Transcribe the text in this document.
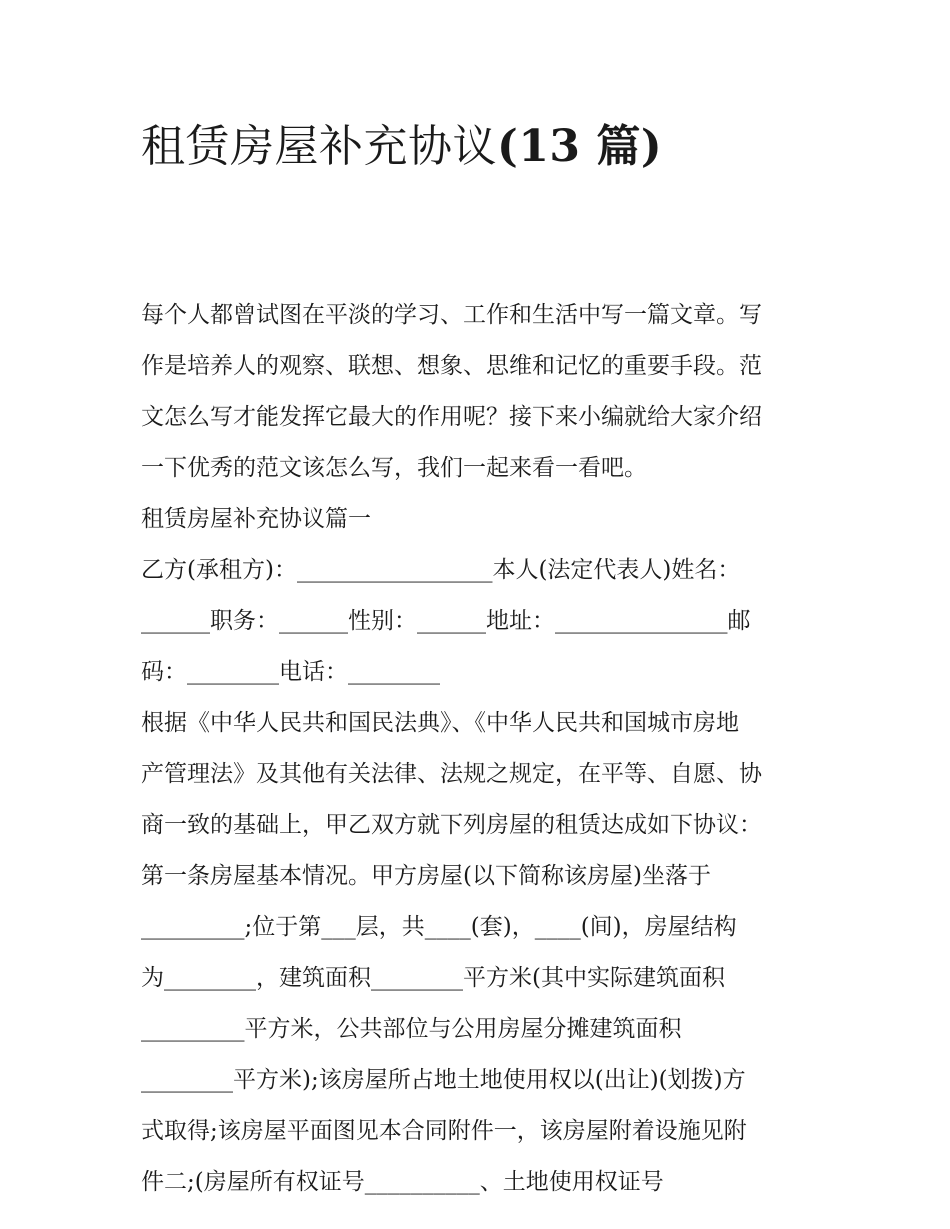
租赁房屋补充协议(13 篇)

每个人都曾试图在平淡的学习、工作和生活中写一篇文章。写
作是培养人的观察、联想、想象、思维和记忆的重要手段。范
文怎么写才能发挥它最大的作用呢？接下来小编就给大家介绍
一下优秀的范文该怎么写，我们一起来看一看吧。

租赁房屋补充协议篇一

乙方(承租方)：_________________本人(法定代表人)姓名：
______职务：______性别：______地址：_______________邮
码：________电话：________

根据《中华人民共和国民法典》、《中华人民共和国城市房地
产管理法》及其他有关法律、法规之规定，在平等、自愿、协
商一致的基础上，甲乙双方就下列房屋的租赁达成如下协议：

第一条房屋基本情况。甲方房屋(以下简称该房屋)坐落于
_________;位于第___层，共____(套)，____(间)，房屋结构
为________，建筑面积________平方米(其中实际建筑面积
_________平方米，公共部位与公用房屋分摊建筑面积
________平方米);该房屋所占地土地使用权以(出让)(划拨)方
式取得;该房屋平面图见本合同附件一，该房屋附着设施见附
件二;(房屋所有权证号__________、土地使用权证号
